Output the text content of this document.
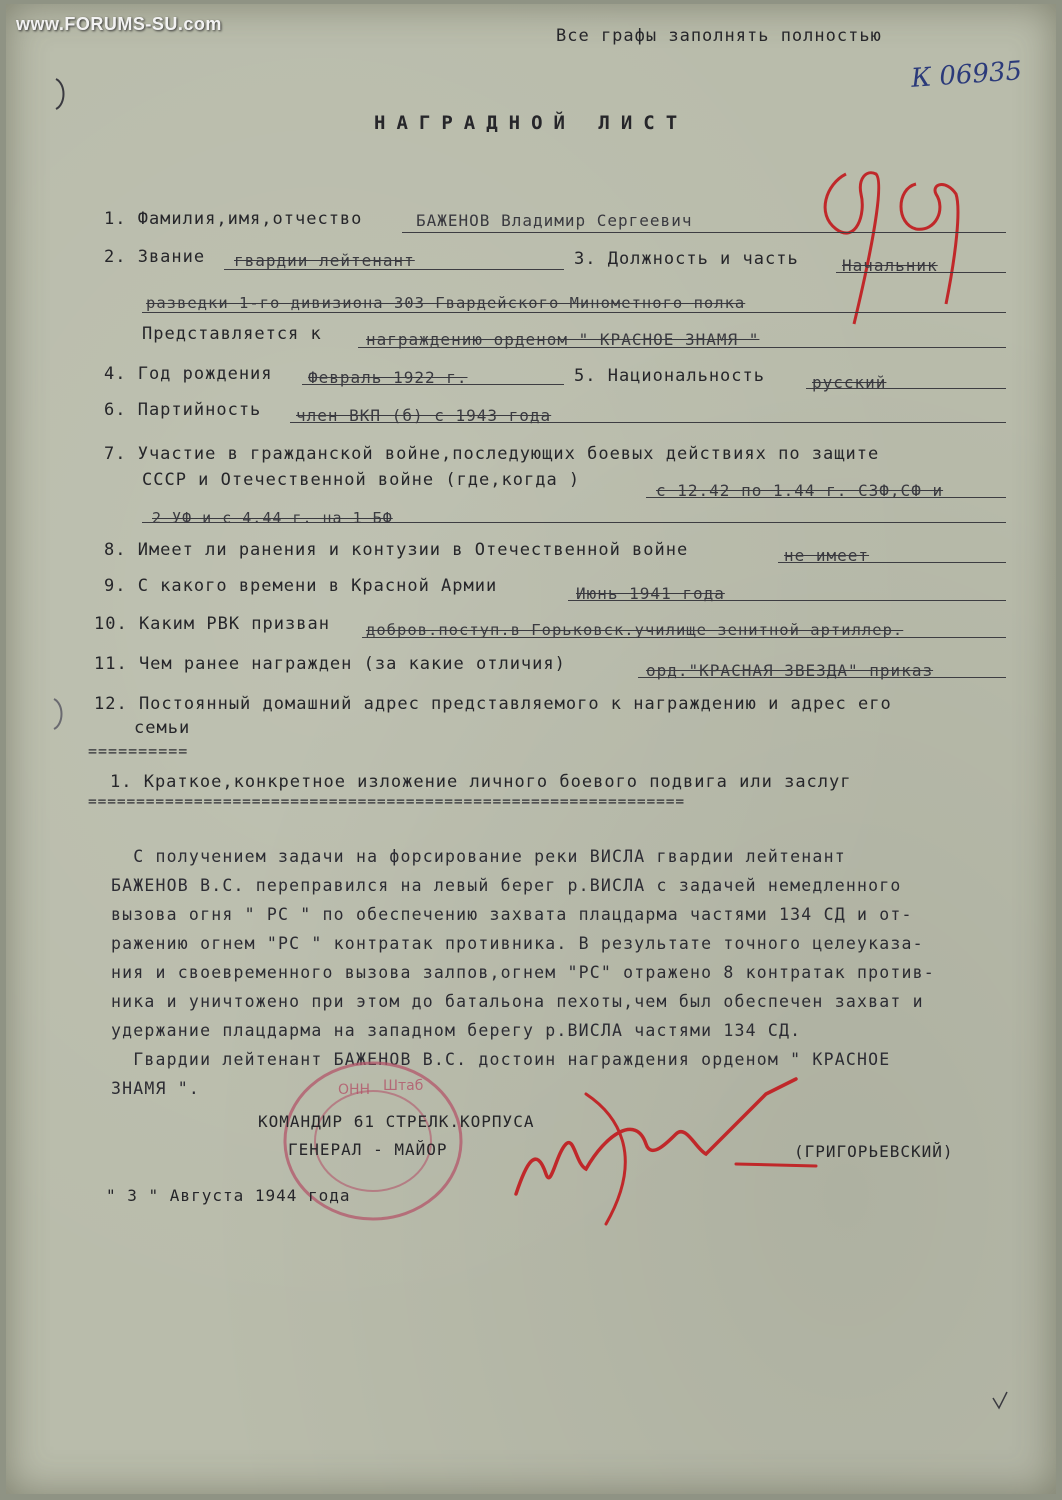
www.FORUMS-SU.com
Все графы заполнять полностью
К 06935
НАГРАДНОЙ ЛИСТ
1. Фамилия,имя,отчество	БАЖЕНОВ Владимир Сергеевич
2. Звание гвардии лейтенант	3. Должность и часть	Начальник
разведки 1-го дивизиона 303 Гвардейского Минометного полка
Представляется к	награждению орденом " КРАСНОЕ ЗНАМЯ "
4. Год рождения Февраль 1922 г.	5. Национальность	русский
6. Партийность член ВКП (б) с 1943 года
7. Участие в гражданской войне,последующих боевых действиях по защите
СССР и Отечественной войне (где,когда )
с 12.42 по 1.44 г. СЗФ,СФ и
2 УФ и с 4.44 г. на 1 БФ
8. Имеет ли ранения и контузии в Отечественной войне	не имеет
9. С какого времени в Красной Армии	Июнь 1941 года
10. Каким РВК призван добров.поступ.в Горьковск.училище зенитной артиллер.
11. Чем ранее награжден (за какие отличия)	орд."КРАСНАЯ ЗВЕЗДА" приказ
12. Постоянный домашний адрес представляемого к награждению и адрес его
семьи
==========
1. Краткое,конкретное изложение личного боевого подвига или заслуг
==============================================================
С получением задачи на форсирование реки ВИСЛА гвардии лейтенант
БАЖЕНОВ В.С. переправился на левый берег р.ВИСЛА с задачей немедленного
вызова огня " РС " по обеспечению захвата плацдарма частями 134 СД и от-
ражению огнем "РС " контратак противника. В результате точного целеуказа-
ния и своевременного вызова залпов,огнем "РС" отражено 8 контратак против-
ника и уничтожено при этом до батальона пехоты,чем был обеспечен захват и
удержание плацдарма на западном берегу р.ВИСЛА частями 134 СД.
Гвардии лейтенант БАЖЕНОВ В.С. достоин награждения орденом " КРАСНОЕ
ЗНАМЯ ".	ОНН Штаб
КОМАНДИР 61 СТРЕЛК.КОРПУСА
ГЕНЕРАЛ - МАЙОР	(ГРИГОРЬЕВСКИЙ)
" 3 " Августа 1944 года
